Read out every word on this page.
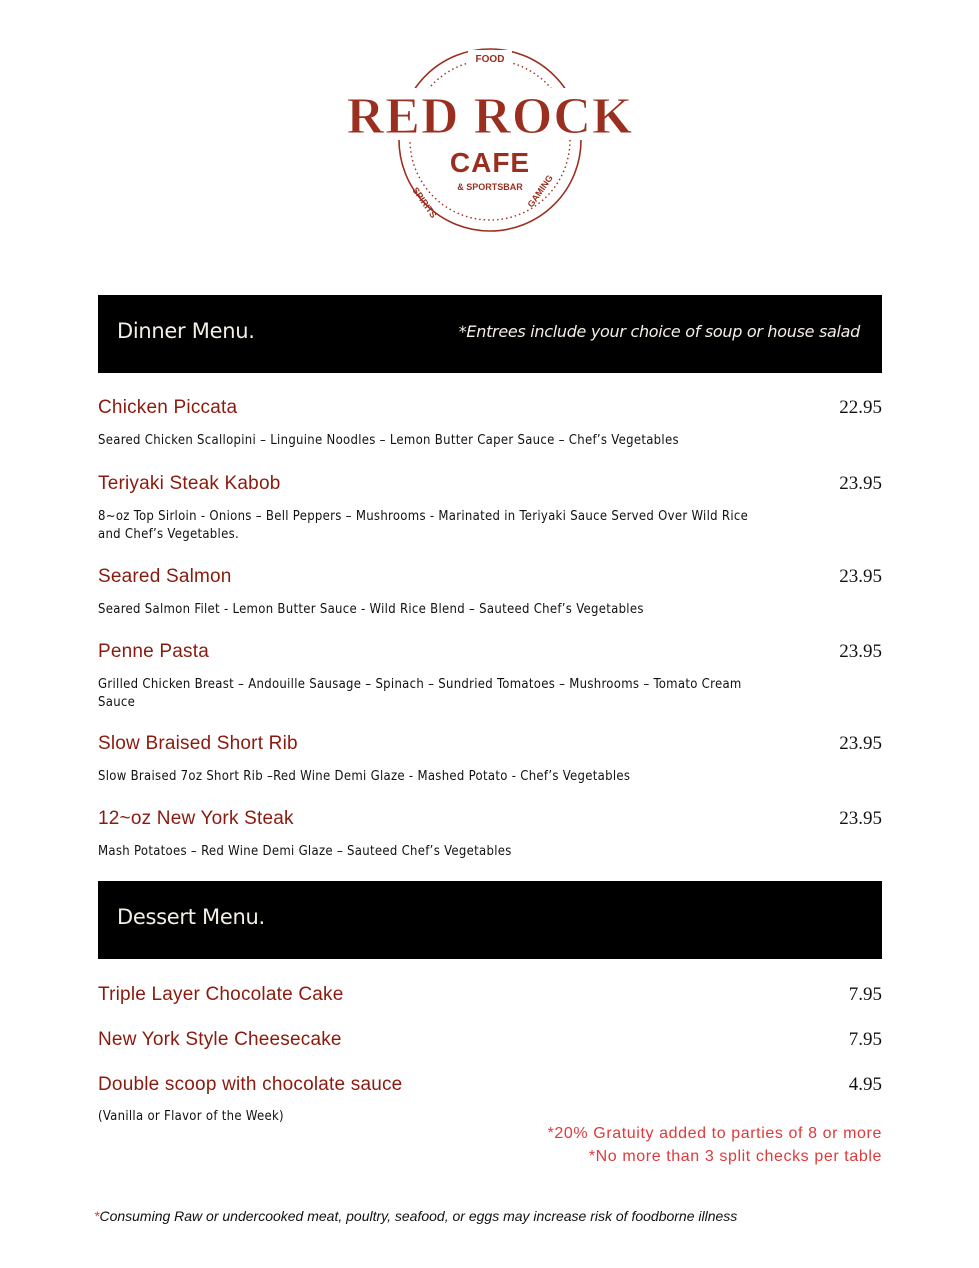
FOOD
SPIRITS	GAMING
RED ROCK
CAFE
& SPORTSBAR
Dinner Menu.	*Entrees include your choice of soup or house salad
Chicken Piccata	22.95
Seared Chicken Scallopini – Linguine Noodles – Lemon Butter Caper Sauce – Chef’s Vegetables
Teriyaki Steak Kabob	23.95
8~oz Top Sirloin - Onions – Bell Peppers – Mushrooms - Marinated in Teriyaki Sauce Served Over Wild Rice and Chef’s Vegetables.
Seared Salmon	23.95
Seared Salmon Filet - Lemon Butter Sauce - Wild Rice Blend – Sauteed Chef’s Vegetables
Penne Pasta	23.95
Grilled Chicken Breast – Andouille Sausage – Spinach – Sundried Tomatoes – Mushrooms – Tomato Cream Sauce
Slow Braised Short Rib	23.95
Slow Braised 7oz Short Rib –Red Wine Demi Glaze - Mashed Potato - Chef’s Vegetables
12~oz New York Steak	23.95
Mash Potatoes – Red Wine Demi Glaze – Sauteed Chef’s Vegetables
Dessert Menu.
Triple Layer Chocolate Cake	7.95
New York Style Cheesecake	7.95
Double scoop with chocolate sauce	4.95
(Vanilla or Flavor of the Week)
*20% Gratuity added to parties of 8 or more
*No more than 3 split checks per table
*Consuming Raw or undercooked meat, poultry, seafood, or eggs may increase risk of foodborne illness
